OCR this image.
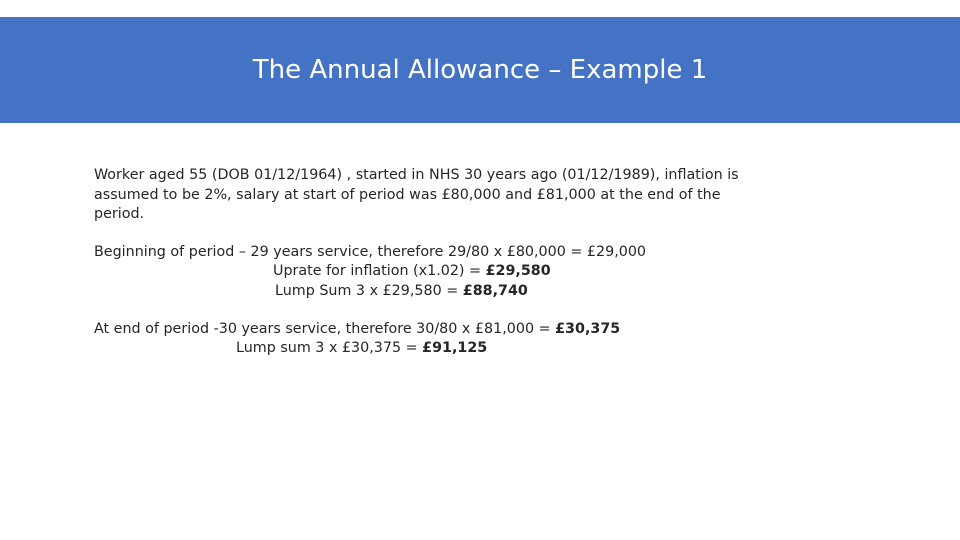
The Annual Allowance – Example 1
Worker aged 55 (DOB 01/12/1964) , started in NHS 30 years ago (01/12/1989), inflation is
assumed to be 2%, salary at start of period was £80,000 and £81,000 at the end of the
period.
Beginning of period – 29 years service, therefore 29/80 x £80,000 = £29,000
Uprate for inflation (x1.02) = £29,580
Lump Sum 3 x £29,580 = £88,740
At end of period -30 years service, therefore 30/80 x £81,000 = £30,375
Lump sum 3 x £30,375 = £91,125
